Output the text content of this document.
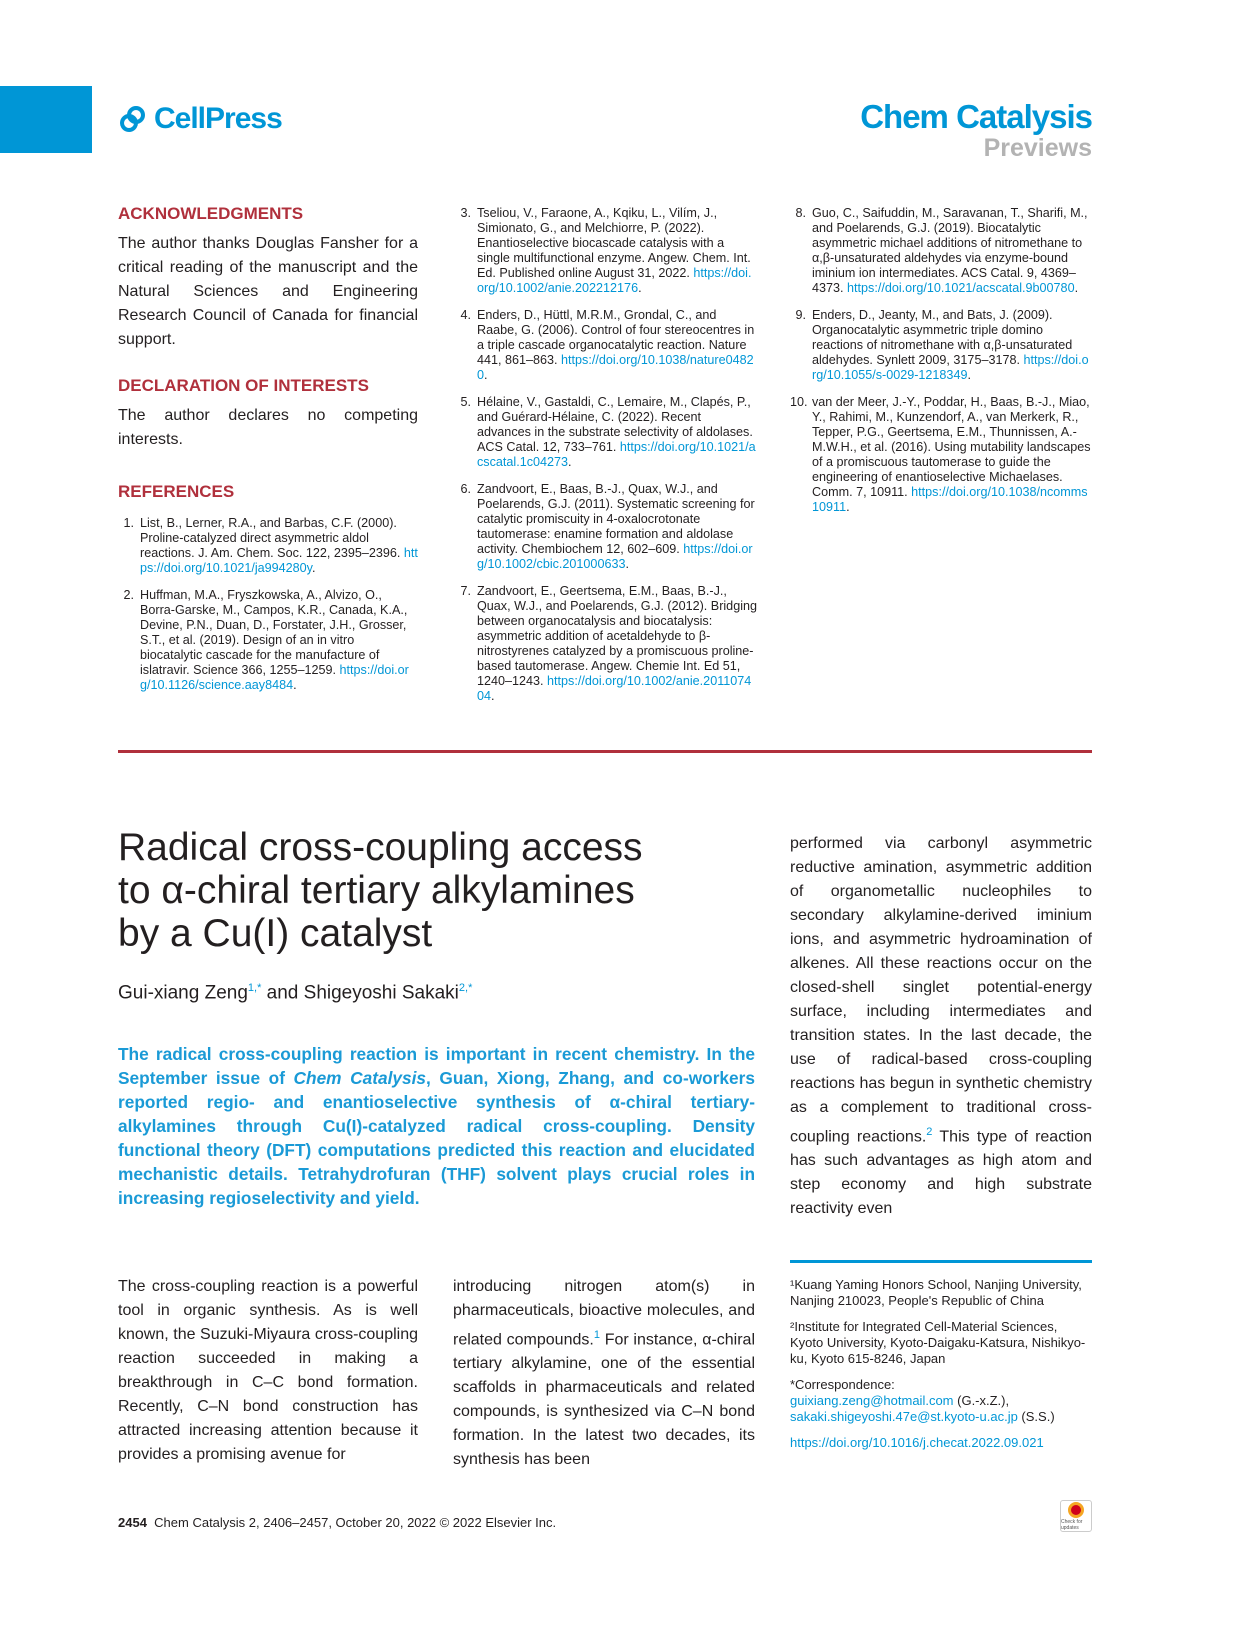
CellPress	Chem Catalysis
Previews
ACKNOWLEDGMENTS
The author thanks Douglas Fansher for a critical reading of the manuscript and the Natural Sciences and Engineering Research Council of Canada for financial support.
DECLARATION OF INTERESTS
The author declares no competing interests.
REFERENCES
1. List, B., Lerner, R.A., and Barbas, C.F. (2000). Proline-catalyzed direct asymmetric aldol reactions. J. Am. Chem. Soc. 122, 2395–2396. https://doi.org/10.1021/ja994280y.
2. Huffman, M.A., Fryszkowska, A., Alvizo, O., Borra-Garske, M., Campos, K.R., Canada, K.A., Devine, P.N., Duan, D., Forstater, J.H., Grosser, S.T., et al. (2019). Design of an in vitro biocatalytic cascade for the manufacture of islatravir. Science 366, 1255–1259. https://doi.org/10.1126/science.aay8484.
3. Tseliou, V., Faraone, A., Kqiku, L., Vilím, J., Simionato, G., and Melchiorre, P. (2022). Enantioselective biocascade catalysis with a single multifunctional enzyme. Angew. Chem. Int. Ed. Published online August 31, 2022. https://doi.org/10.1002/anie.202212176.
4. Enders, D., Hüttl, M.R.M., Grondal, C., and Raabe, G. (2006). Control of four stereocentres in a triple cascade organocatalytic reaction. Nature 441, 861–863. https://doi.org/10.1038/nature04820.
5. Hélaine, V., Gastaldi, C., Lemaire, M., Clapés, P., and Guérard-Hélaine, C. (2022). Recent advances in the substrate selectivity of aldolases. ACS Catal. 12, 733–761. https://doi.org/10.1021/acscatal.1c04273.
6. Zandvoort, E., Baas, B.-J., Quax, W.J., and Poelarends, G.J. (2011). Systematic screening for catalytic promiscuity in 4-oxalocrotonate tautomerase: enamine formation and aldolase activity. Chembiochem 12, 602–609. https://doi.org/10.1002/cbic.201000633.
7. Zandvoort, E., Geertsema, E.M., Baas, B.-J., Quax, W.J., and Poelarends, G.J. (2012). Bridging between organocatalysis and biocatalysis: asymmetric addition of acetaldehyde to β-nitrostyrenes catalyzed by a promiscuous proline-based tautomerase. Angew. Chemie Int. Ed 51, 1240–1243. https://doi.org/10.1002/anie.201107404.
8. Guo, C., Saifuddin, M., Saravanan, T., Sharifi, M., and Poelarends, G.J. (2019). Biocatalytic asymmetric michael additions of nitromethane to α,β-unsaturated aldehydes via enzyme-bound iminium ion intermediates. ACS Catal. 9, 4369–4373. https://doi.org/10.1021/acscatal.9b00780.
9. Enders, D., Jeanty, M., and Bats, J. (2009). Organocatalytic asymmetric triple domino reactions of nitromethane with α,β-unsaturated aldehydes. Synlett 2009, 3175–3178. https://doi.org/10.1055/s-0029-1218349.
10. van der Meer, J.-Y., Poddar, H., Baas, B.-J., Miao, Y., Rahimi, M., Kunzendorf, A., van Merkerk, R., Tepper, P.G., Geertsema, E.M., Thunnissen, A.-M.W.H., et al. (2016). Using mutability landscapes of a promiscuous tautomerase to guide the engineering of enantioselective Michaelases. Comm. 7, 10911. https://doi.org/10.1038/ncomms10911.
Radical cross-coupling access to α-chiral tertiary alkylamines by a Cu(I) catalyst
Gui-xiang Zeng$^{1,*}$ and Shigeyoshi Sakaki$^{2,*}$
The radical cross-coupling reaction is important in recent chemistry. In the September issue of Chem Catalysis, Guan, Xiong, Zhang, and co-workers reported regio- and enantioselective synthesis of α-chiral tertiary-alkylamines through Cu(I)-catalyzed radical cross-coupling. Density functional theory (DFT) computations predicted this reaction and elucidated mechanistic details. Tetrahydrofuran (THF) solvent plays crucial roles in increasing regioselectivity and yield.
performed via carbonyl asymmetric reductive amination, asymmetric addition of organometallic nucleophiles to secondary alkylamine-derived iminium ions, and asymmetric hydroamination of alkenes. All these reactions occur on the closed-shell singlet potential-energy surface, including intermediates and transition states. In the last decade, the use of radical-based cross-coupling reactions has begun in synthetic chemistry as a complement to traditional cross-coupling reactions.$^2$ This type of reaction has such advantages as high atom and step economy and high substrate reactivity even
The cross-coupling reaction is a powerful tool in organic synthesis. As is well known, the Suzuki-Miyaura cross-coupling reaction succeeded in making a breakthrough in C–C bond formation. Recently, C–N bond construction has attracted increasing attention because it provides a promising avenue for
introducing nitrogen atom(s) in pharmaceuticals, bioactive molecules, and related compounds.$^1$ For instance, α-chiral tertiary alkylamine, one of the essential scaffolds in pharmaceuticals and related compounds, is synthesized via C–N bond formation. In the latest two decades, its synthesis has been
¹Kuang Yaming Honors School, Nanjing University, Nanjing 210023, People's Republic of China
²Institute for Integrated Cell-Material Sciences, Kyoto University, Kyoto-Daigaku-Katsura, Nishikyo-ku, Kyoto 615-8246, Japan
*Correspondence:
guixiang.zeng@hotmail.com (G.-x.Z.),
sakaki.shigeyoshi.47e@st.kyoto-u.ac.jp (S.S.)
https://doi.org/10.1016/j.checat.2022.09.021
2454 Chem Catalysis 2, 2406–2457, October 20, 2022 © 2022 Elsevier Inc.	Check for updates
